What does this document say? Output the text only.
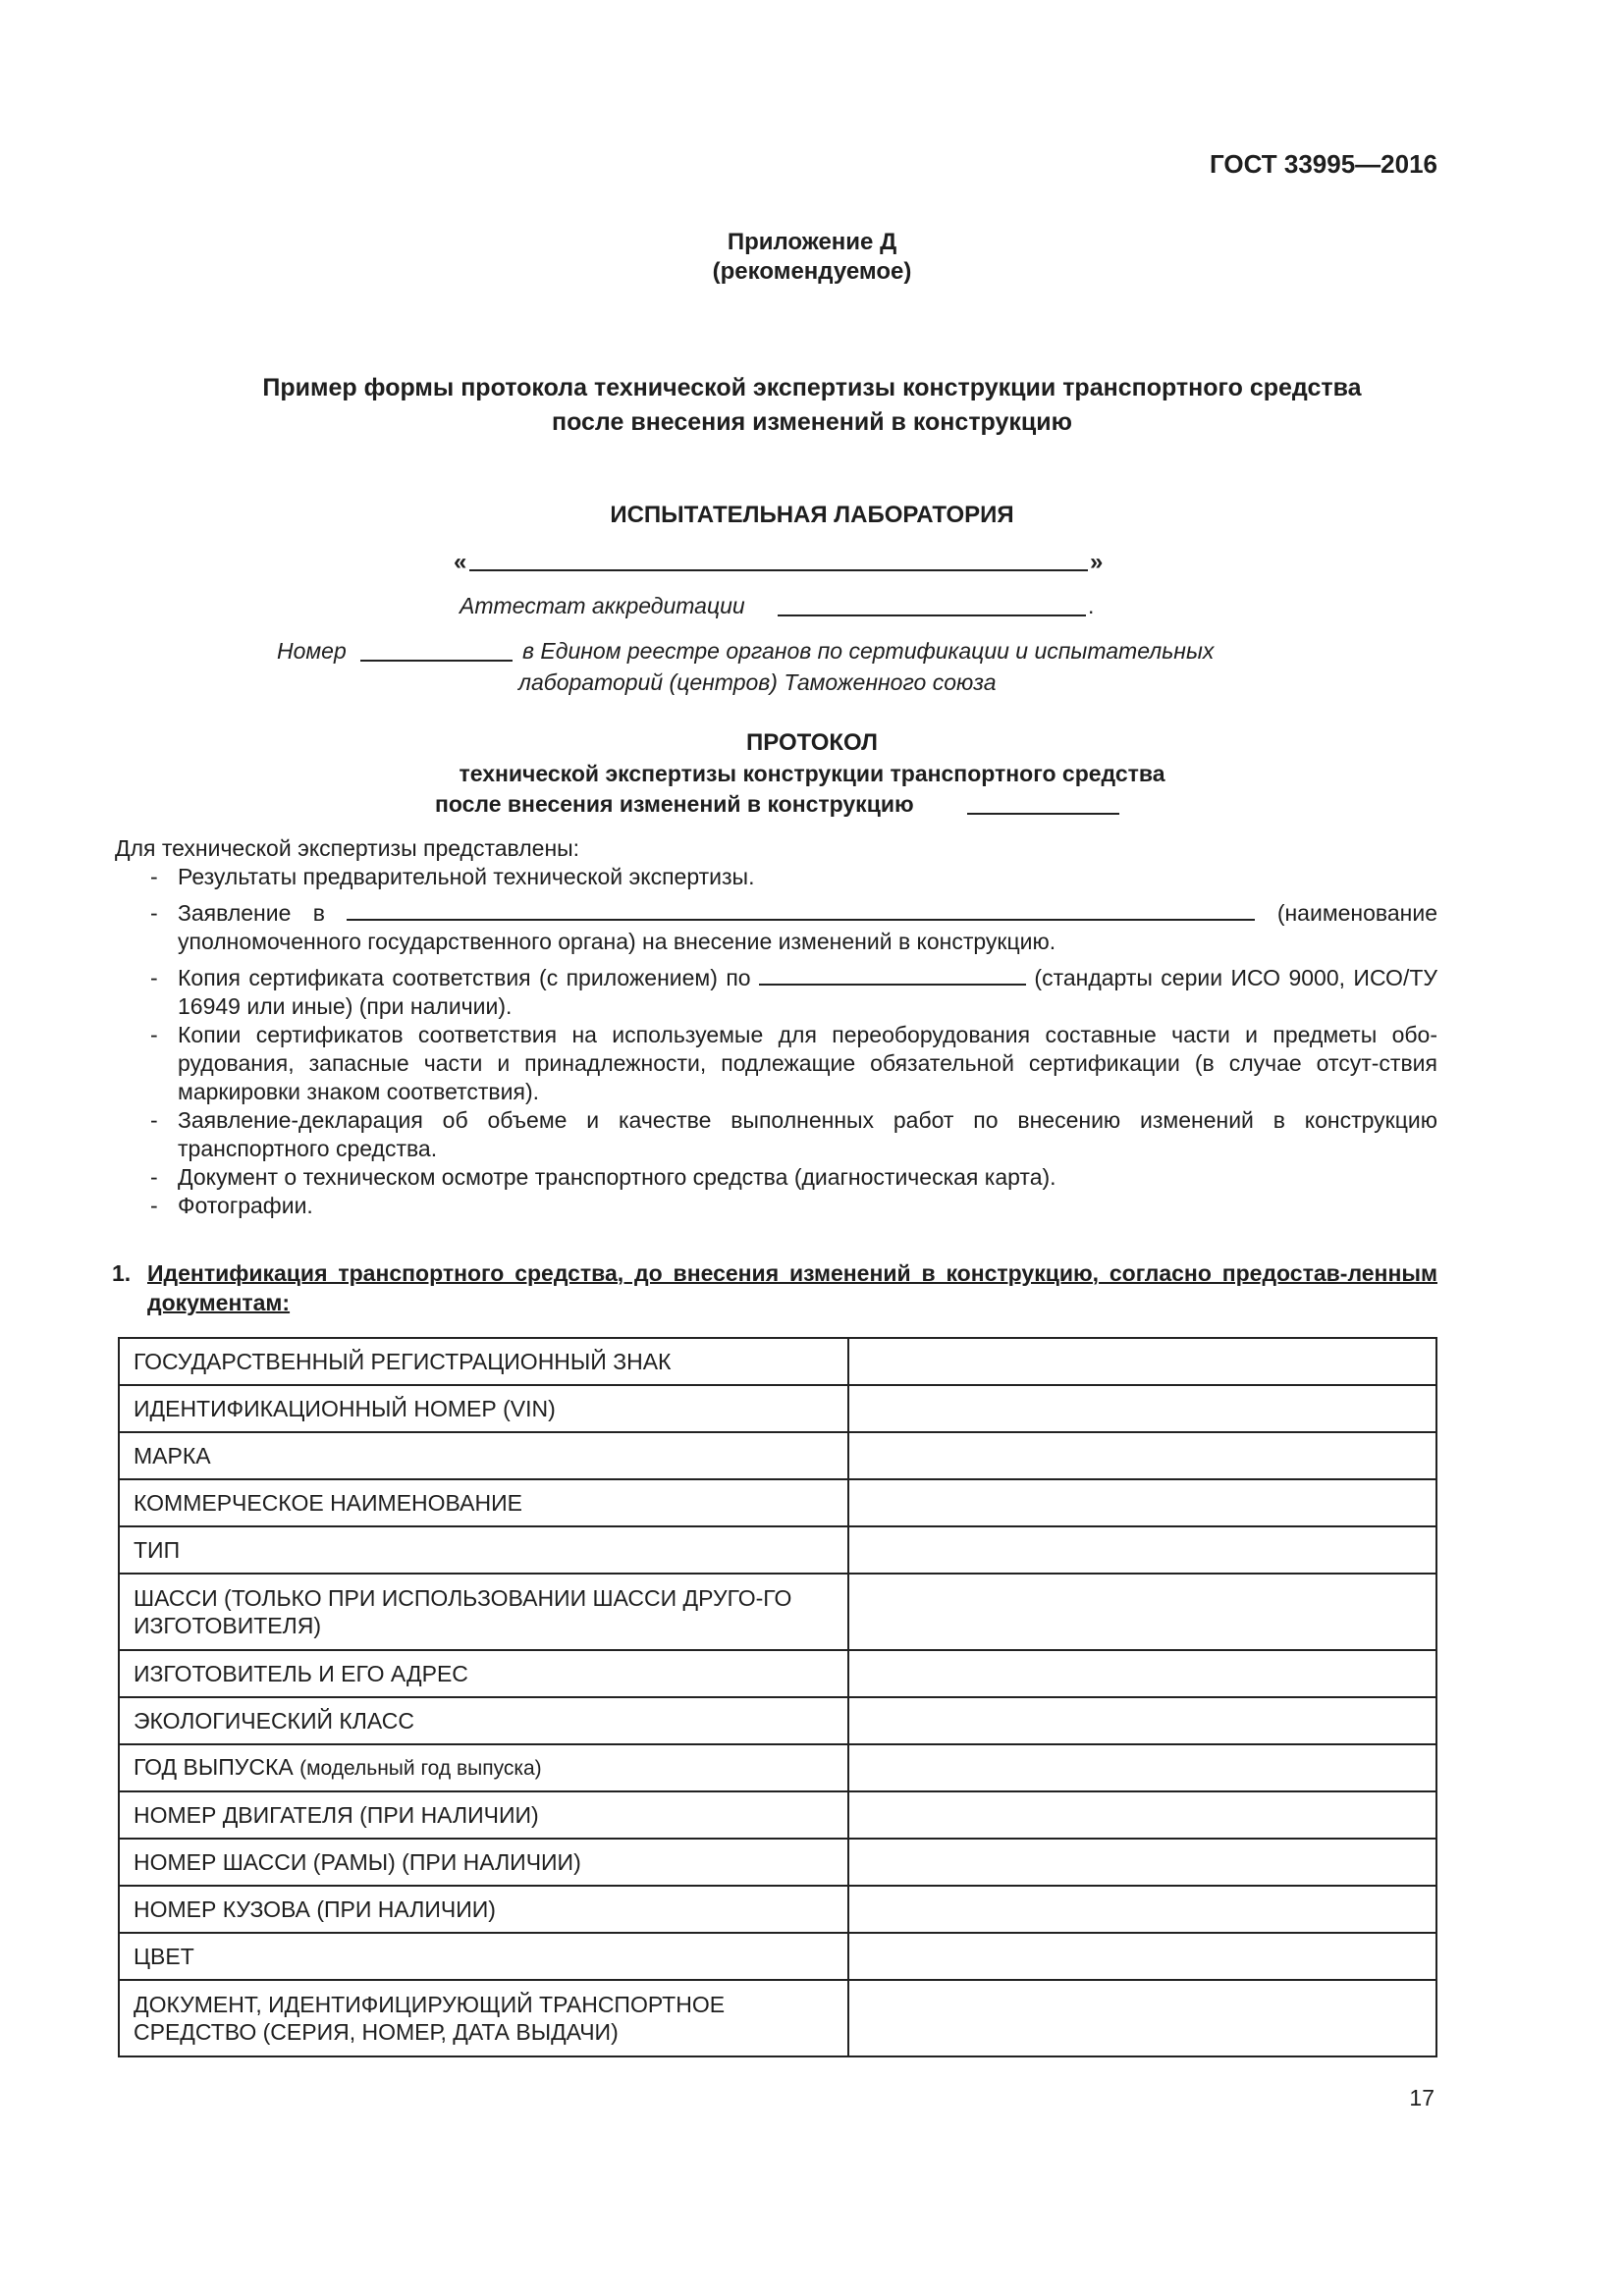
ГОСТ 33995—2016
Приложение Д
(рекомендуемое)
Пример формы протокола технической экспертизы конструкции транспортного средства
после внесения изменений в конструкцию
ИСПЫТАТЕЛЬНАЯ ЛАБОРАТОРИЯ
«	»
Аттестат аккредитации	.
Номер	в Едином реестре органов по сертификации и испытательных
лабораторий (центров) Таможенного союза
ПРОТОКОЛ
технической экспертизы конструкции транспортного средства
после внесения изменений в конструкцию
Для технической экспертизы представлены:
- Результаты предварительной технической экспертизы.
- Заявление в	(наименование уполномоченного государственного органа) на внесение изменений в конструкцию.
- Копия сертификата соответствия (с приложением) по	(стандарты серии ИСО 9000, ИСО/ТУ 16949 или иные) (при наличии).
- Копии сертификатов соответствия на используемые для переоборудования составные части и предметы обо-рудования, запасные части и принадлежности, подлежащие обязательной сертификации (в случае отсут-ствия маркировки знаком соответствия).
- Заявление-декларация об объеме и качестве выполненных работ по внесению изменений в конструкцию транспортного средства.
- Документ о техническом осмотре транспортного средства (диагностическая карта).
- Фотографии.
1. Идентификация транспортного средства, до внесения изменений в конструкцию, согласно предостав-ленным документам:
ГОСУДАРСТВЕННЫЙ РЕГИСТРАЦИОННЫЙ ЗНАК	
ИДЕНТИФИКАЦИОННЫЙ НОМЕР (VIN)	
МАРКА	
КОММЕРЧЕСКОЕ НАИМЕНОВАНИЕ	
ТИП	
ШАССИ (ТОЛЬКО ПРИ ИСПОЛЬЗОВАНИИ ШАССИ ДРУГО-ГО ИЗГОТОВИТЕЛЯ)	
ИЗГОТОВИТЕЛЬ И ЕГО АДРЕС	
ЭКОЛОГИЧЕСКИЙ КЛАСС	
ГОД ВЫПУСКА (модельный год выпуска)	
НОМЕР ДВИГАТЕЛЯ (ПРИ НАЛИЧИИ)	
НОМЕР ШАССИ (РАМЫ) (ПРИ НАЛИЧИИ)	
НОМЕР КУЗОВА (ПРИ НАЛИЧИИ)	
ЦВЕТ	
ДОКУМЕНТ, ИДЕНТИФИЦИРУЮЩИЙ ТРАНСПОРТНОЕ СРЕДСТВО (СЕРИЯ, НОМЕР, ДАТА ВЫДАЧИ)	
17
